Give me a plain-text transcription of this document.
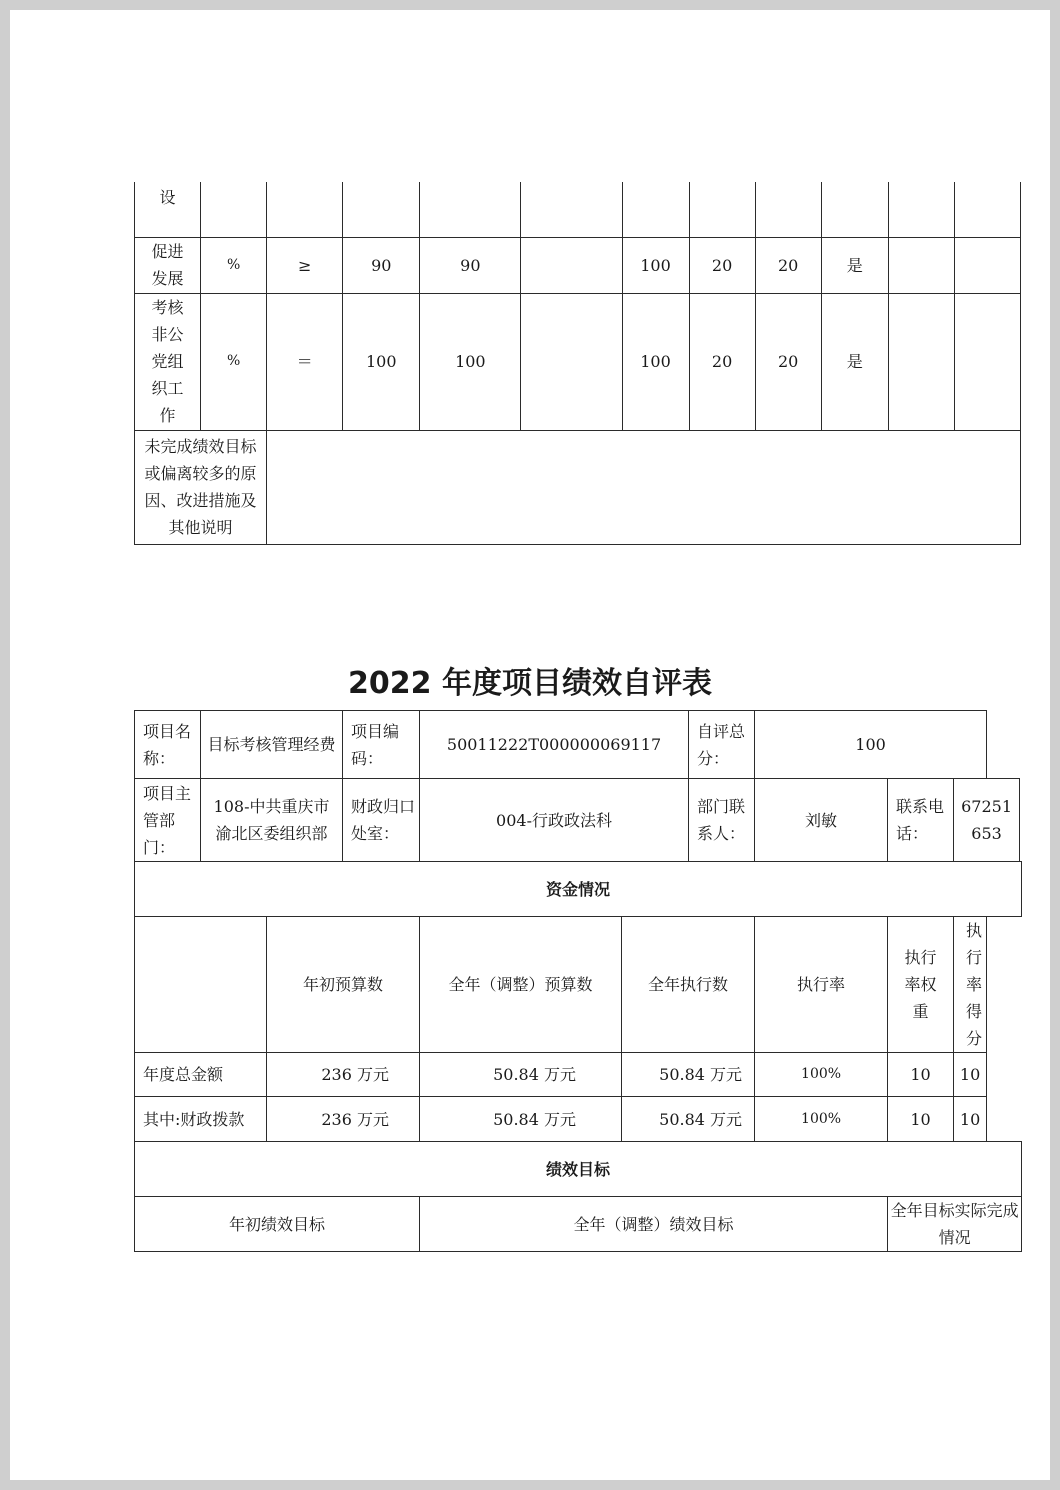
设											
促进发展	%	≥	90	90		100	20	20	是		
考核非公党组织工作	%	＝	100	100		100	20	20	是		
未完成绩效目标或偏离较多的原因、改进措施及其他说明											
2022 年度项目绩效自评表
项目名称：	目标考核管理经费		项目编码：	50011222T000000069117		自评总分：	100		
项目主管部门：	108-中共重庆市渝北区委组织部		财政归口处室：	004-行政政法科		部门联系人：	刘敏	联系电话：	67251653
资金情况									
		年初预算数		全年（调整）预算数	全年执行数		执行率	执行率权重	执行率得分
年度总金额		236 万元		50.84 万元	50.84 万元		100%	10	10
其中:财政拨款		236 万元		50.84 万元	50.84 万元		100%	10	10
绩效目标									
年初绩效目标				全年（调整）绩效目标				全年目标实际完成情况	
